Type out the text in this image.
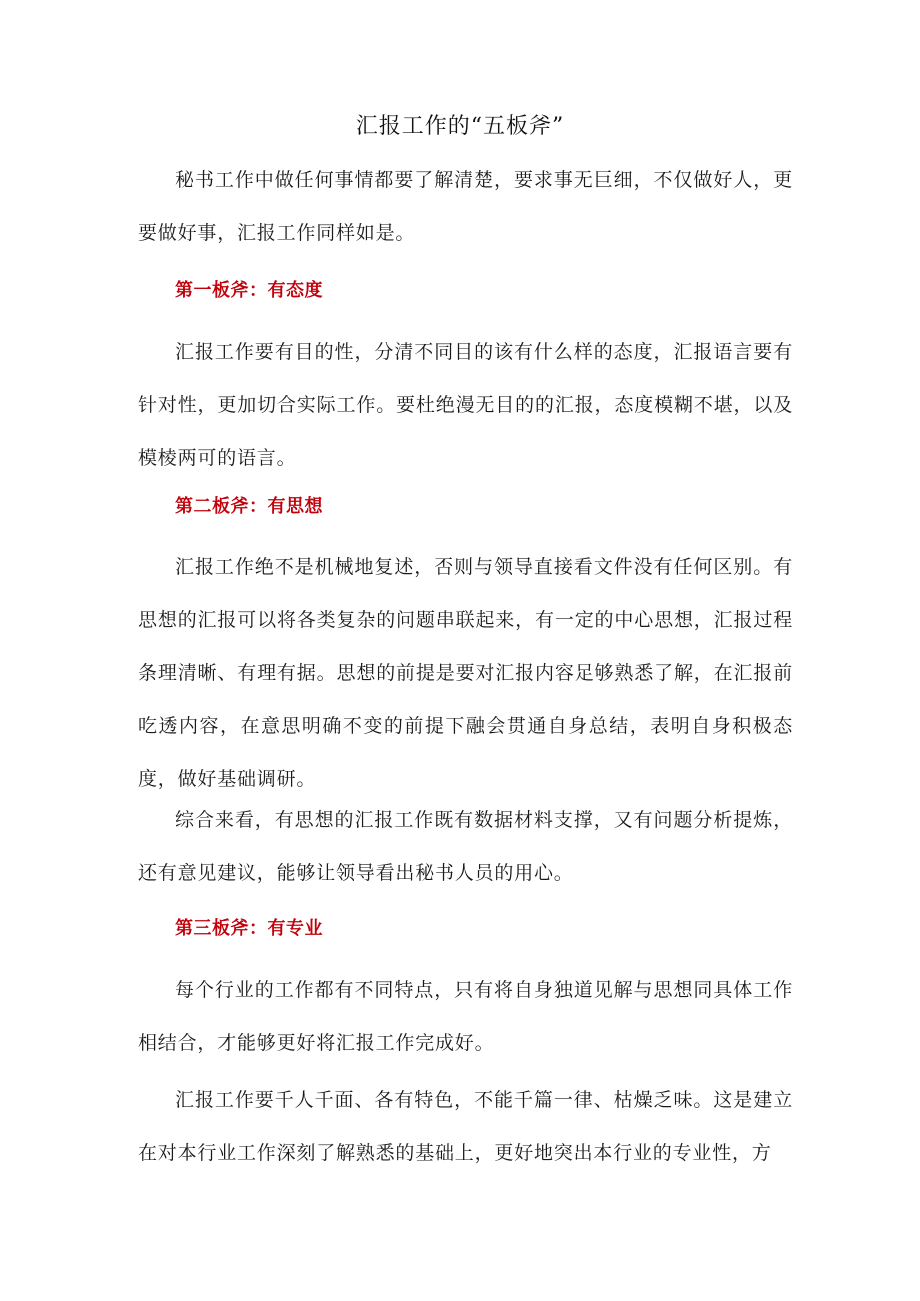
汇报工作的“五板斧”

秘书工作中做任何事情都要了解清楚，要求事无巨细，不仅做好人，更要做好事，汇报工作同样如是。

第一板斧：有态度

汇报工作要有目的性，分清不同目的该有什么样的态度，汇报语言要有针对性，更加切合实际工作。要杜绝漫无目的的汇报，态度模糊不堪，以及模棱两可的语言。

第二板斧：有思想

汇报工作绝不是机械地复述，否则与领导直接看文件没有任何区别。有思想的汇报可以将各类复杂的问题串联起来，有一定的中心思想，汇报过程条理清晰、有理有据。思想的前提是要对汇报内容足够熟悉了解，在汇报前吃透内容，在意思明确不变的前提下融会贯通自身总结，表明自身积极态度，做好基础调研。

综合来看，有思想的汇报工作既有数据材料支撑，又有问题分析提炼，还有意见建议，能够让领导看出秘书人员的用心。

第三板斧：有专业

每个行业的工作都有不同特点，只有将自身独道见解与思想同具体工作相结合，才能够更好将汇报工作完成好。

汇报工作要千人千面、各有特色，不能千篇一律、枯燥乏味。这是建立在对本行业工作深刻了解熟悉的基础上，更好地突出本行业的专业性，方
